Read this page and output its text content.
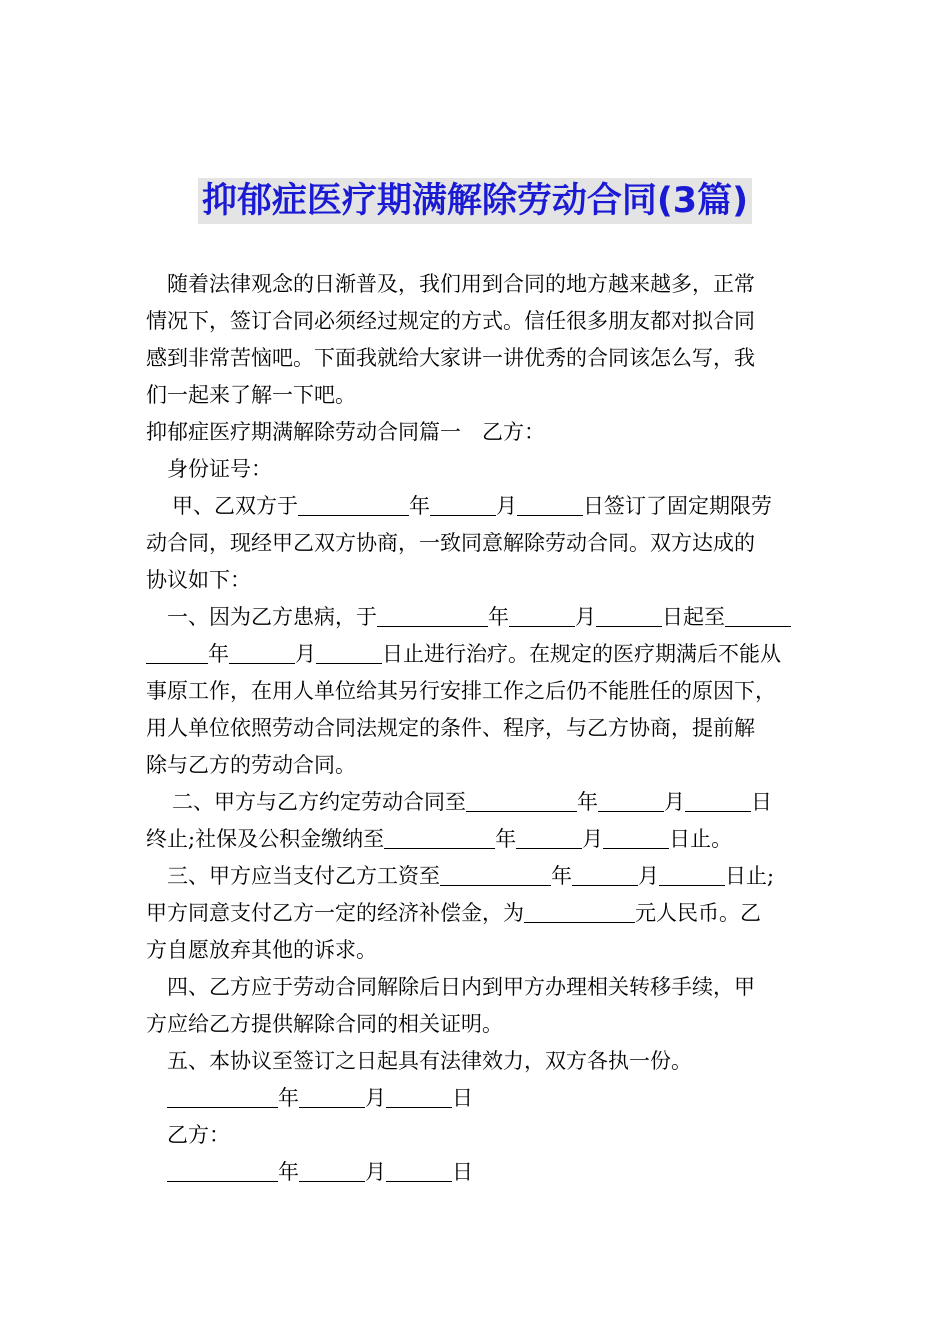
抑郁症医疗期满解除劳动合同(3篇)

随着法律观念的日渐普及，我们用到合同的地方越来越多，正常

情况下，签订合同必须经过规定的方式。信任很多朋友都对拟合同

感到非常苦恼吧。下面我就给大家讲一讲优秀的合同该怎么写，我

们一起来了解一下吧。

抑郁症医疗期满解除劳动合同篇一　乙方：

身份证号：

甲、乙双方于	年	月	日签订了固定期限劳

动合同，现经甲乙双方协商，一致同意解除劳动合同。双方达成的

协议如下：

一、因为乙方患病，于	年	月	日起至

年	月	日止进行治疗。在规定的医疗期满后不能从

事原工作，在用人单位给其另行安排工作之后仍不能胜任的原因下，

用人单位依照劳动合同法规定的条件、程序，与乙方协商，提前解

除与乙方的劳动合同。

二、甲方与乙方约定劳动合同至	年	月	日

终止;社保及公积金缴纳至	年	月	日止。

三、甲方应当支付乙方工资至	年	月	日止;

甲方同意支付乙方一定的经济补偿金，为	元人民币。乙

方自愿放弃其他的诉求。

四、乙方应于劳动合同解除后日内到甲方办理相关转移手续，甲

方应给乙方提供解除合同的相关证明。

五、本协议至签订之日起具有法律效力，双方各执一份。

年	月	日

乙方：

年	月	日
